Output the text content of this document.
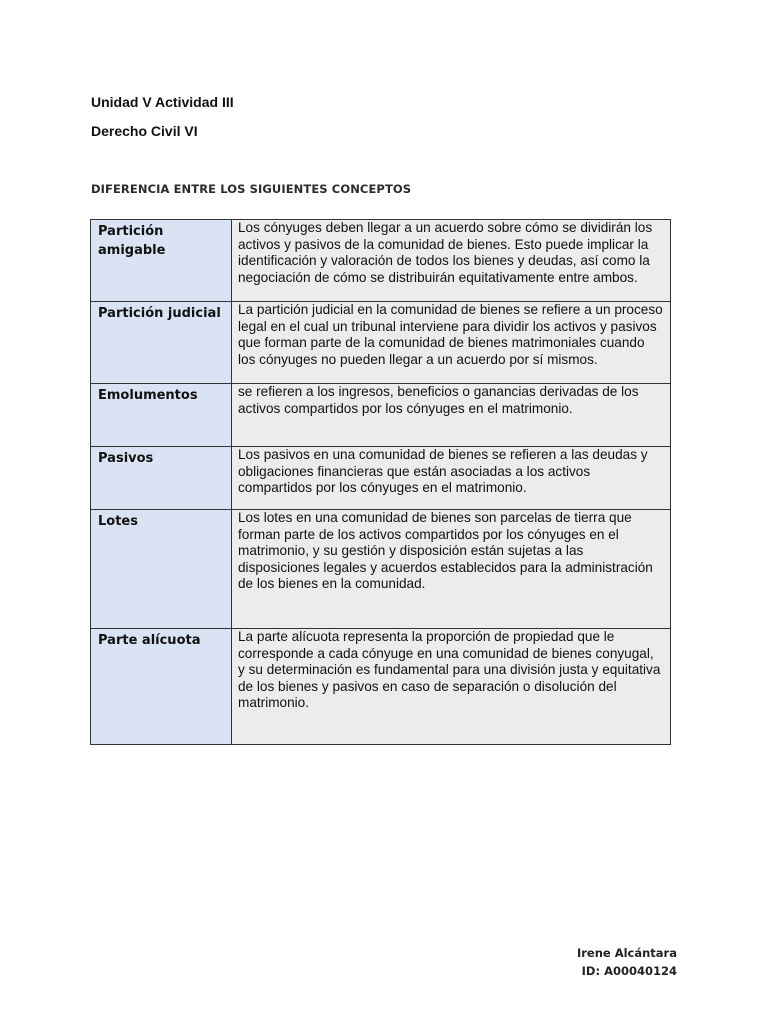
Unidad V Actividad III
Derecho Civil VI
DIFERENCIA ENTRE LOS SIGUIENTES CONCEPTOS
Partición amigable	Los cónyuges deben llegar a un acuerdo sobre cómo se dividirán los activos y pasivos de la comunidad de bienes. Esto puede implicar la identificación y valoración de todos los bienes y deudas, así como la negociación de cómo se distribuirán equitativamente entre ambos.
Partición judicial	La partición judicial en la comunidad de bienes se refiere a un proceso legal en el cual un tribunal interviene para dividir los activos y pasivos que forman parte de la comunidad de bienes matrimoniales cuando los cónyuges no pueden llegar a un acuerdo por sí mismos.
Emolumentos	se refieren a los ingresos, beneficios o ganancias derivadas de los activos compartidos por los cónyuges en el matrimonio.
Pasivos	Los pasivos en una comunidad de bienes se refieren a las deudas y obligaciones financieras que están asociadas a los activos compartidos por los cónyuges en el matrimonio.
Lotes	Los lotes en una comunidad de bienes son parcelas de tierra que forman parte de los activos compartidos por los cónyuges en el matrimonio, y su gestión y disposición están sujetas a las disposiciones legales y acuerdos establecidos para la administración de los bienes en la comunidad.
Parte alícuota	La parte alícuota representa la proporción de propiedad que le corresponde a cada cónyuge en una comunidad de bienes conyugal, y su determinación es fundamental para una división justa y equitativa de los bienes y pasivos en caso de separación o disolución del matrimonio.
Irene Alcántara
ID: A00040124
